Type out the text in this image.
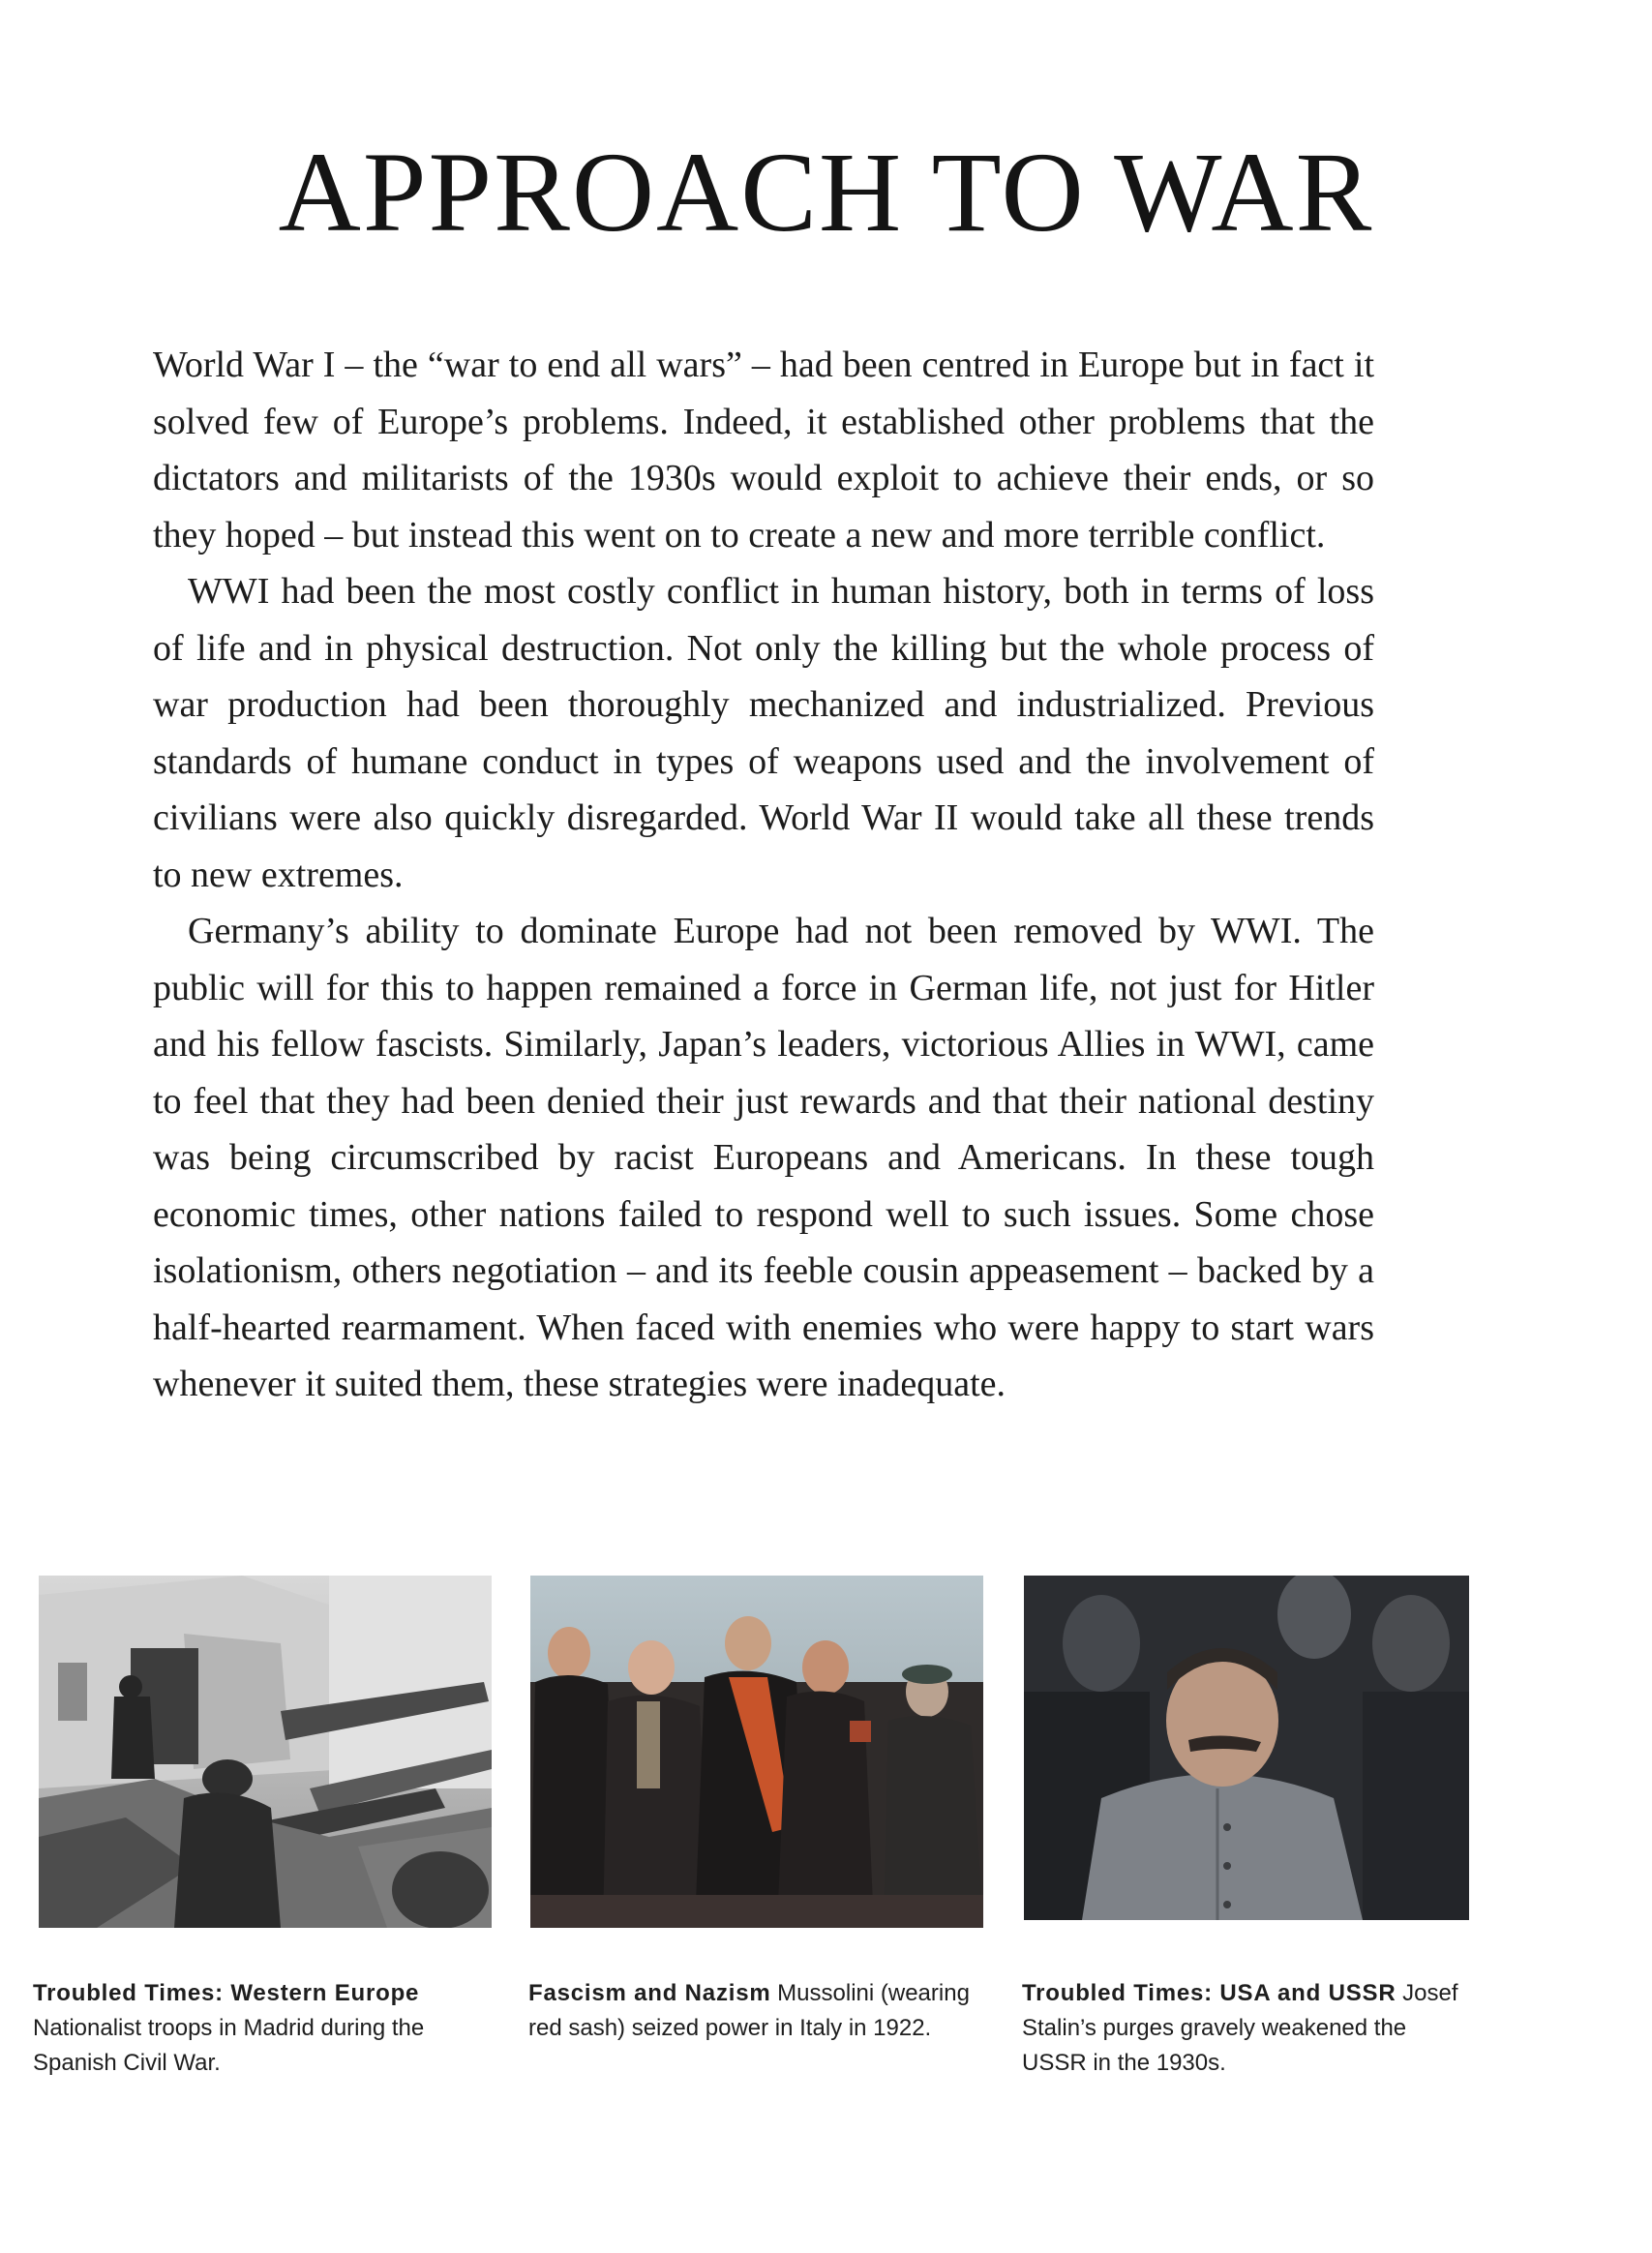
APPROACH TO WAR

World War I – the “war to end all wars” – had been centred in Europe but in fact it solved few of Europe’s problems. Indeed, it established other problems that the dictators and militarists of the 1930s would exploit to achieve their ends, or so they hoped – but instead this went on to create a new and more terrible conflict.

WWI had been the most costly conflict in human history, both in terms of loss of life and in physical destruction. Not only the killing but the whole process of war production had been thoroughly mechanized and industrialized. Previous standards of humane conduct in types of weapons used and the involvement of civilians were also quickly disregarded. World War II would take all these trends to new extremes.

Germany’s ability to dominate Europe had not been removed by WWI. The public will for this to happen remained a force in German life, not just for Hitler and his fellow fascists. Similarly, Japan’s leaders, victorious Allies in WWI, came to feel that they had been denied their just rewards and that their national destiny was being circumscribed by racist Europeans and Americans. In these tough economic times, other nations failed to respond well to such issues. Some chose isolationism, others negotiation – and its feeble cousin appeasement – backed by a half-hearted rearmament. When faced with enemies who were happy to start wars whenever it suited them, these strategies were inadequate.

Troubled Times: Western Europe Nationalist troops in Madrid during the Spanish Civil War.
Fascism and Nazism Mussolini (wearing red sash) seized power in Italy in 1922.
Troubled Times: USA and USSR Josef Stalin’s purges gravely weakened the USSR in the 1930s.
